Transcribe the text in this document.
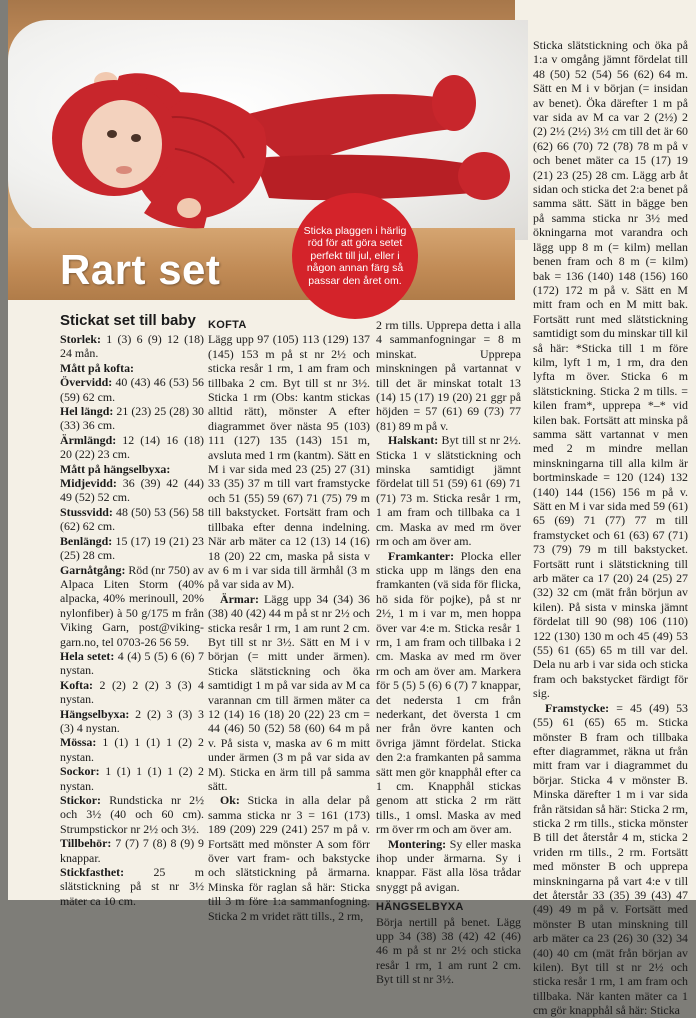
Rart set
Sticka plaggen i härlig röd för att göra setet perfekt till jul, eller i någon annan färg så passar den året om.
Stickat set till baby

Storlek: 1 (3) 6 (9) 12 (18) 24 mån.

Mått på kofta:

Övervidd: 40 (43) 46 (53) 56 (59) 62 cm.

Hel längd: 21 (23) 25 (28) 30 (33) 36 cm.

Ärmlängd: 12 (14) 16 (18) 20 (22) 23 cm.

Mått på hängselbyxa:

Midjevidd: 36 (39) 42 (44) 49 (52) 52 cm.

Stussvidd: 48 (50) 53 (56) 58 (62) 62 cm.

Benlängd: 15 (17) 19 (21) 23 (25) 28 cm.

Garnåtgång: Röd (nr 750) av Alpaca Liten Storm (40% alpacka, 40% merinoull, 20% nylonfiber) à 50 g/175 m från Viking Garn, post@viking-garn.no, tel 0703-26 56 59.

Hela setet: 4 (4) 5 (5) 6 (6) 7 nystan.

Kofta: 2 (2) 2 (2) 3 (3) 4 nystan.

Hängselbyxa: 2 (2) 3 (3) 3 (3) 4 nystan.

Mössa: 1 (1) 1 (1) 1 (2) 2 nystan.

Sockor: 1 (1) 1 (1) 1 (2) 2 nystan.

Stickor: Rundsticka nr 2½ och 3½ (40 och 60 cm). Strumpstickor nr 2½ och 3½.

Tillbehör: 7 (7) 7 (8) 8 (9) 9 knappar.

Stickfasthet: 25 m slätstickning på st nr 3½ mäter ca 10 cm.

KOFTA

Lägg upp 97 (105) 113 (129) 137 (145) 153 m på st nr 2½ och sticka resår 1 rm, 1 am fram och tillbaka 2 cm. Byt till st nr 3½. Sticka 1 rm (Obs: kantm stickas alltid rätt), mönster A efter diagrammet över nästa 95 (103) 111 (127) 135 (143) 151 m, avsluta med 1 rm (kantm). Sätt en M i var sida med 23 (25) 27 (31) 33 (35) 37 m till vart framstycke och 51 (55) 59 (67) 71 (75) 79 m till bakstycket. Fortsätt fram och tillbaka efter denna indelning. När arb mäter ca 12 (13) 14 (16) 18 (20) 22 cm, maska på sista v av 6 m i var sida till ärmhål (3 m på var sida av M).

Ärmar: Lägg upp 34 (34) 36 (38) 40 (42) 44 m på st nr 2½ och sticka resår 1 rm, 1 am runt 2 cm. Byt till st nr 3½. Sätt en M i v början (= mitt under ärmen). Sticka slätstickning och öka samtidigt 1 m på var sida av M ca varannan cm till ärmen mäter ca 12 (14) 16 (18) 20 (22) 23 cm = 44 (46) 50 (52) 58 (60) 64 m på v. På sista v, maska av 6 m mitt under ärmen (3 m på var sida av M). Sticka en ärm till på samma sätt.

Ok: Sticka in alla delar på samma sticka nr 3 = 161 (173) 189 (209) 229 (241) 257 m på v. Fortsätt med mönster A som förr över vart fram- och bakstycke och slätstickning på ärmarna. Minska för raglan så här: Sticka till 3 m före 1:a sammanfogning. Sticka 2 m vridet rätt tills., 2 rm,

2 rm tills. Upprepa detta i alla 4 sammanfogningar = 8 m minskat. Upprepa minskningen på vartannat v till det är minskat totalt 13 (14) 15 (17) 19 (20) 21 ggr på höjden = 57 (61) 69 (73) 77 (81) 89 m på v.

Halskant: Byt till st nr 2½. Sticka 1 v slätstickning och minska samtidigt jämnt fördelat till 51 (59) 61 (69) 71 (71) 73 m. Sticka resår 1 rm, 1 am fram och tillbaka ca 1 cm. Maska av med rm över rm och am över am.

Framkanter: Plocka eller sticka upp m längs den ena framkanten (vä sida för flicka, hö sida för pojke), på st nr 2½, 1 m i var m, men hoppa över var 4:e m. Sticka resår 1 rm, 1 am fram och tillbaka i 2 cm. Maska av med rm över rm och am över am. Markera för 5 (5) 5 (6) 6 (7) 7 knappar, det nedersta 1 cm från nederkant, det översta 1 cm ner från övre kanten och övriga jämnt fördelat. Sticka den 2:a framkanten på samma sätt men gör knapphål efter ca 1 cm. Knapphål stickas genom att sticka 2 rm rätt tills., 1 omsl. Maska av med rm över rm och am över am.

Montering: Sy eller maska ihop under ärmarna. Sy i knappar. Fäst alla lösa trådar snyggt på avigan.

HÄNGSELBYXA

Börja nertill på benet. Lägg upp 34 (38) 38 (42) 42 (46) 46 m på st nr 2½ och sticka resår 1 rm, 1 am runt 2 cm. Byt till st nr 3½.

Sticka slätstickning och öka på 1:a v omgång jämnt fördelat till 48 (50) 52 (54) 56 (62) 64 m. Sätt en M i v början (= insidan av benet). Öka därefter 1 m på var sida av M ca var 2 (2½) 2 (2) 2½ (2½) 3½ cm till det är 60 (62) 66 (70) 72 (78) 78 m på v och benet mäter ca 15 (17) 19 (21) 23 (25) 28 cm. Lägg arb åt sidan och sticka det 2:a benet på samma sätt. Sätt in bägge ben på samma sticka nr 3½ med ökningarna mot varandra och lägg upp 8 m (= kilm) mellan benen fram och 8 m (= kilm) bak = 136 (140) 148 (156) 160 (172) 172 m på v. Sätt en M mitt fram och en M mitt bak. Fortsätt runt med slätstickning samtidigt som du minskar till kil så här: *Sticka till 1 m före kilm, lyft 1 m, 1 rm, dra den lyfta m över. Sticka 6 m slätstickning. Sticka 2 m tills. = kilen fram*, upprepa *–* vid kilen bak. Fortsätt att minska på samma sätt vartannat v men med 2 m mindre mellan minskningarna till alla kilm är bortminskade = 120 (124) 132 (140) 144 (156) 156 m på v. Sätt en M i var sida med 59 (61) 65 (69) 71 (77) 77 m till framstycket och 61 (63) 67 (71) 73 (79) 79 m till bakstycket. Fortsätt runt i slätstickning till arb mäter ca 17 (20) 24 (25) 27 (32) 32 cm (mät från börjun av kilen). På sista v minska jämnt fördelat till 90 (98) 106 (110) 122 (130) 130 m och 45 (49) 53 (55) 61 (65) 65 m till var del. Dela nu arb i var sida och sticka fram och bakstycket färdigt för sig.

Framstycke: = 45 (49) 53 (55) 61 (65) 65 m. Sticka mönster B fram och tillbaka efter diagrammet, räkna ut från mitt fram var i diagrammet du börjar. Sticka 4 v mönster B. Minska därefter 1 m i var sida från rätsidan så här: Sticka 2 rm, sticka 2 rm tills., sticka mönster B till det återstår 4 m, sticka 2 vriden rm tills., 2 rm. Fortsätt med mönster B och upprepa minskningarna på vart 4:e v till det återstår 33 (35) 39 (43) 47 (49) 49 m på v. Fortsätt med mönster B utan minskning till arb mäter ca 23 (26) 30 (32) 34 (40) 40 cm (mät från början av kilen). Byt till st nr 2½ och sticka resår 1 rm, 1 am fram och tillbaka. När kanten mäter ca 1 cm gör knapphål så här: Sticka
